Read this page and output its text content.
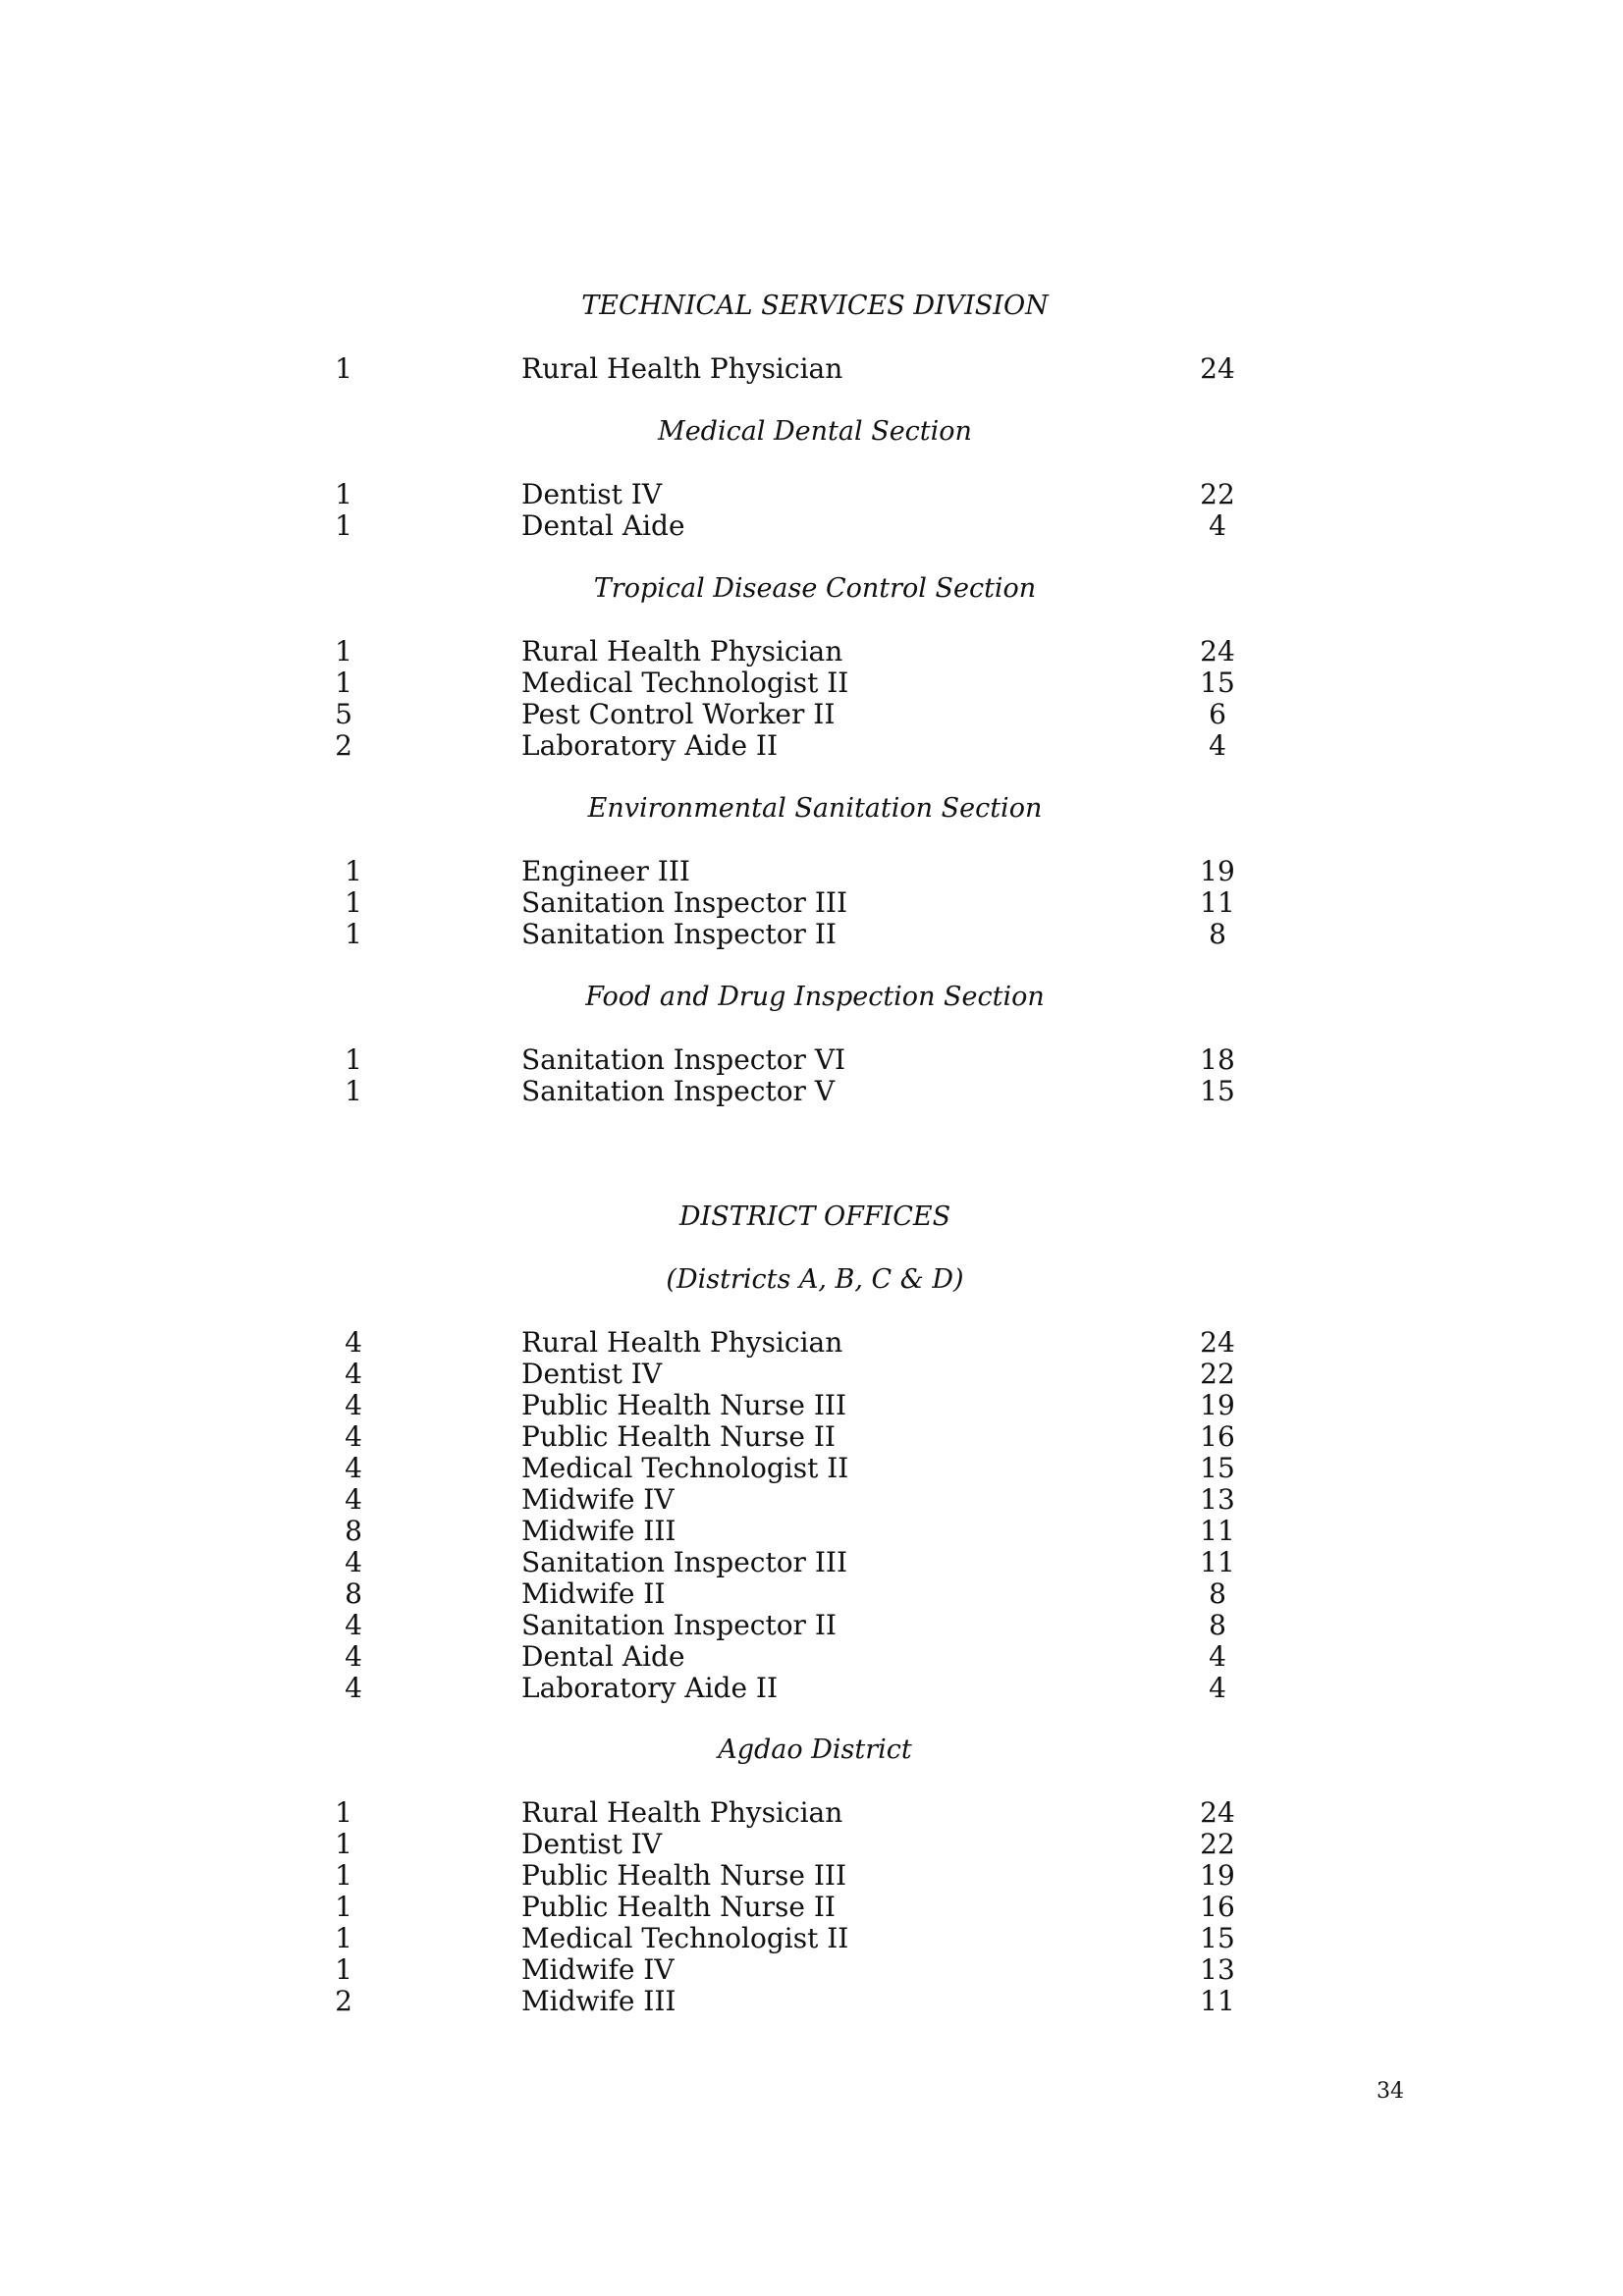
TECHNICAL SERVICES DIVISION
1	Rural Health Physician	24
Medical Dental Section
1	Dentist IV	22
1	Dental Aide	4
Tropical Disease Control Section
1	Rural Health Physician	24
1	Medical Technologist II	15
5	Pest Control Worker II	6
2	Laboratory Aide II	4
Environmental Sanitation Section
1	Engineer III	19
1	Sanitation Inspector III	11
1	Sanitation Inspector II	8
Food and Drug Inspection Section
1	Sanitation Inspector VI	18
1	Sanitation Inspector V	15
DISTRICT OFFICES
(Districts A, B, C & D)
4	Rural Health Physician	24
4	Dentist IV	22
4	Public Health Nurse III	19
4	Public Health Nurse II	16
4	Medical Technologist II	15
4	Midwife IV	13
8	Midwife III	11
4	Sanitation Inspector III	11
8	Midwife II	8
4	Sanitation Inspector II	8
4	Dental Aide	4
4	Laboratory Aide II	4
Agdao District
1	Rural Health Physician	24
1	Dentist IV	22
1	Public Health Nurse III	19
1	Public Health Nurse II	16
1	Medical Technologist II	15
1	Midwife IV	13
2	Midwife III	11
34
